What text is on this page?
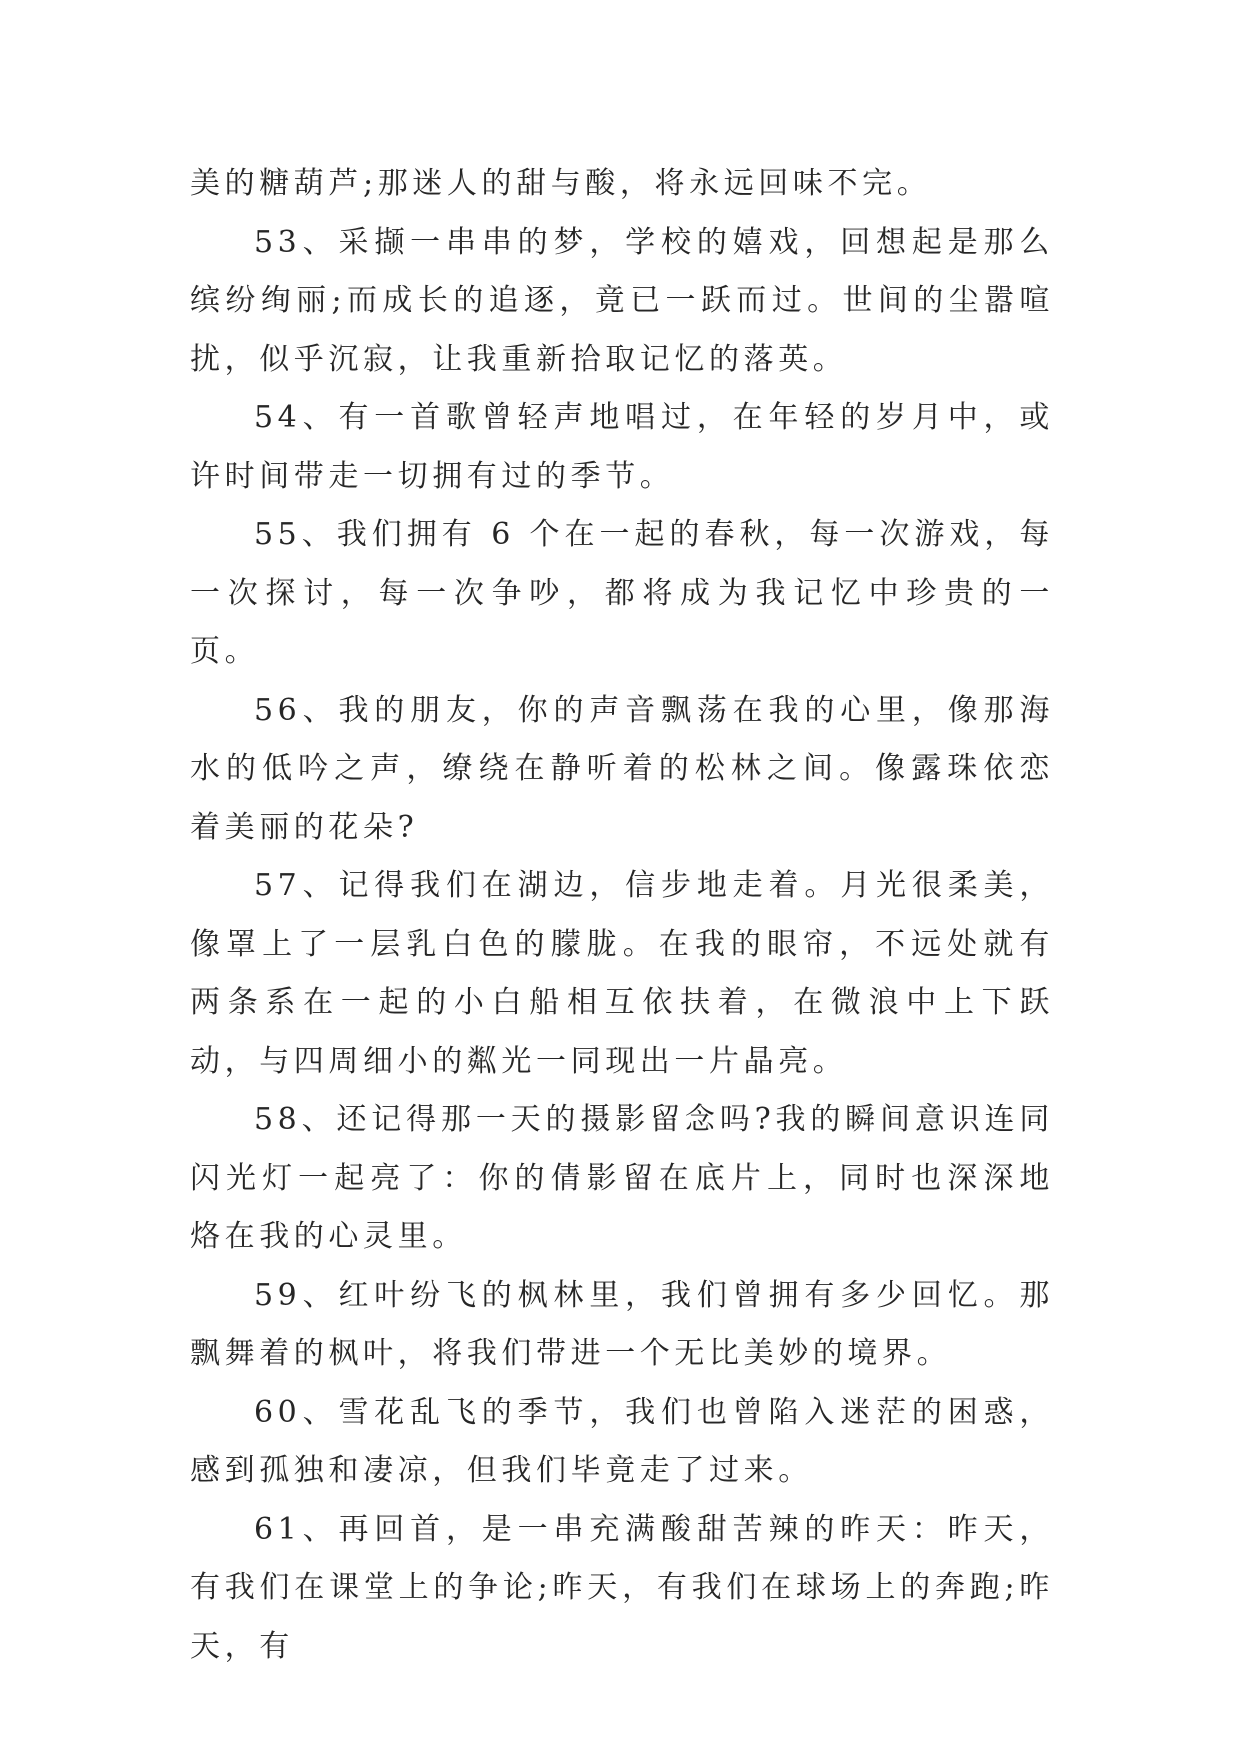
美的糖葫芦;那迷人的甜与酸，将永远回味不完。

53、采撷一串串的梦，学校的嬉戏，回想起是那么缤纷绚丽;而成长的追逐，竟已一跃而过。世间的尘嚣喧扰，似乎沉寂，让我重新拾取记忆的落英。

54、有一首歌曾轻声地唱过，在年轻的岁月中，或许时间带走一切拥有过的季节。

55、我们拥有 6 个在一起的春秋，每一次游戏，每一次探讨，每一次争吵，都将成为我记忆中珍贵的一页。

56、我的朋友，你的声音飘荡在我的心里，像那海水的低吟之声，缭绕在静听着的松林之间。像露珠依恋着美丽的花朵?

57、记得我们在湖边，信步地走着。月光很柔美，像罩上了一层乳白色的朦胧。在我的眼帘，不远处就有两条系在一起的小白船相互依扶着，在微浪中上下跃动，与四周细小的粼光一同现出一片晶亮。

58、还记得那一天的摄影留念吗?我的瞬间意识连同闪光灯一起亮了：你的倩影留在底片上，同时也深深地烙在我的心灵里。

59、红叶纷飞的枫林里，我们曾拥有多少回忆。那飘舞着的枫叶，将我们带进一个无比美妙的境界。

60、雪花乱飞的季节，我们也曾陷入迷茫的困惑，感到孤独和凄凉，但我们毕竟走了过来。

61、再回首，是一串充满酸甜苦辣的昨天：昨天，有我们在课堂上的争论;昨天，有我们在球场上的奔跑;昨天，有
